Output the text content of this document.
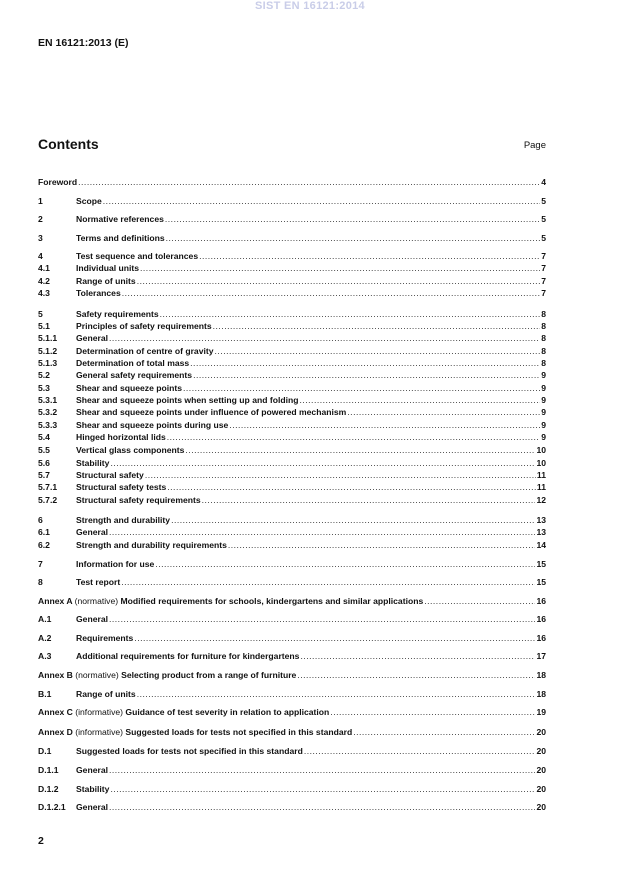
SIST EN 16121:2014
EN 16121:2013 (E)
Contents	Page
Foreword .....	4
1	Scope .....	5
2	Normative references .....	5
3	Terms and definitions .....	5
4	Test sequence and tolerances .....	7
4.1	Individual units .....	7
4.2	Range of units .....	7
4.3	Tolerances .....	7
5	Safety requirements .....	8
5.1	Principles of safety requirements .....	8
5.1.1	General .....	8
5.1.2	Determination of centre of gravity .....	8
5.1.3	Determination of total mass .....	8
5.2	General safety requirements .....	9
5.3	Shear and squeeze points .....	9
5.3.1	Shear and squeeze points when setting up and folding .....	9
5.3.2	Shear and squeeze points under influence of powered mechanism .....	9
5.3.3	Shear and squeeze points during use .....	9
5.4	Hinged horizontal lids .....	9
5.5	Vertical glass components .....	10
5.6	Stability .....	10
5.7	Structural safety .....	11
5.7.1	Structural safety tests .....	11
5.7.2	Structural safety requirements .....	12
6	Strength and durability .....	13
6.1	General .....	13
6.2	Strength and durability requirements .....	14
7	Information for use .....	15
8	Test report .....	15
Annex A (normative) Modified requirements for schools, kindergartens and similar applications .....	16
A.1	General .....	16
A.2	Requirements .....	16
A.3	Additional requirements for furniture for kindergartens .....	17
Annex B (normative) Selecting product from a range of furniture .....	18
B.1	Range of units .....	18
Annex C (informative) Guidance of test severity in relation to application .....	19
Annex D (informative) Suggested loads for tests not specified in this standard .....	20
D.1	Suggested loads for tests not specified in this standard .....	20
D.1.1	General .....	20
D.1.2	Stability .....	20
D.1.2.1	General .....	20
2
